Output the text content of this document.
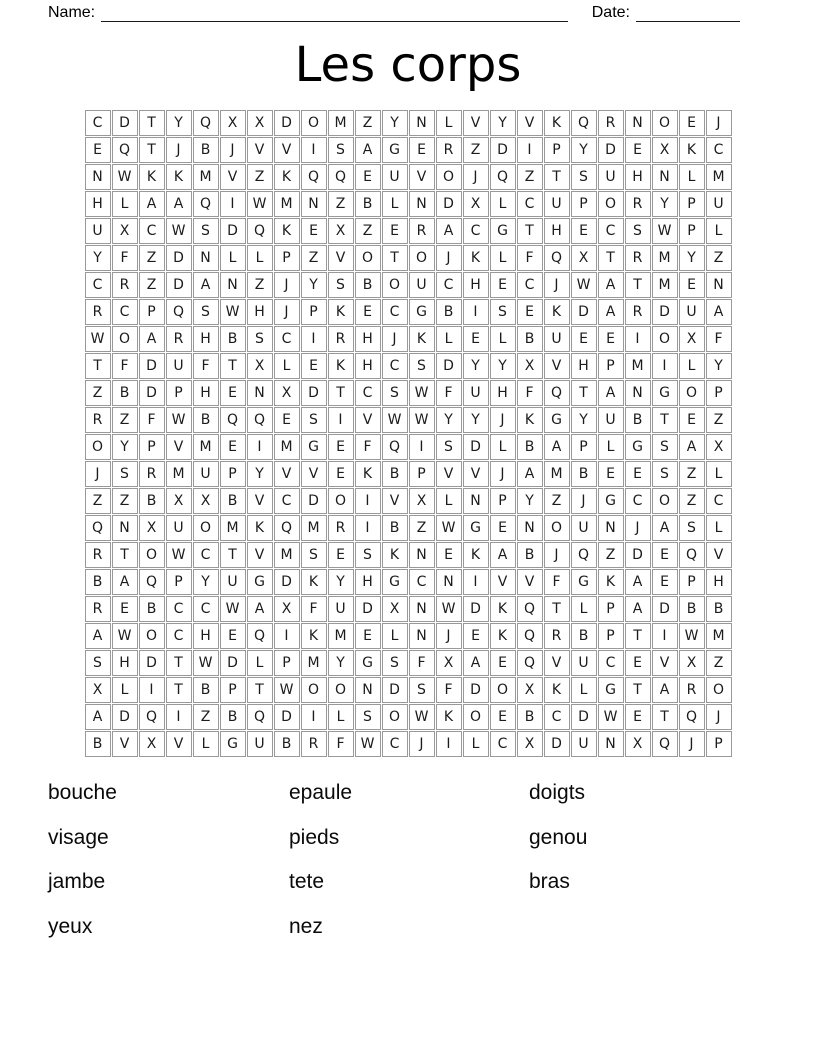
Name:	Date:
Les corps
C	D	T	Y	Q	X	X	D	O	M	Z	Y	N	L	V	Y	V	K	Q	R	N	O	E	J
E	Q	T	J	B	J	V	V	I	S	A	G	E	R	Z	D	I	P	Y	D	E	X	K	C
N	W	K	K	M	V	Z	K	Q	Q	E	U	V	O	J	Q	Z	T	S	U	H	N	L	M
H	L	A	A	Q	I	W	M	N	Z	B	L	N	D	X	L	C	U	P	O	R	Y	P	U
U	X	C	W	S	D	Q	K	E	X	Z	E	R	A	C	G	T	H	E	C	S	W	P	L
Y	F	Z	D	N	L	L	P	Z	V	O	T	O	J	K	L	F	Q	X	T	R	M	Y	Z
C	R	Z	D	A	N	Z	J	Y	S	B	O	U	C	H	E	C	J	W	A	T	M	E	N
R	C	P	Q	S	W	H	J	P	K	E	C	G	B	I	S	E	K	D	A	R	D	U	A
W	O	A	R	H	B	S	C	I	R	H	J	K	L	E	L	B	U	E	E	I	O	X	F
T	F	D	U	F	T	X	L	E	K	H	C	S	D	Y	Y	X	V	H	P	M	I	L	Y
Z	B	D	P	H	E	N	X	D	T	C	S	W	F	U	H	F	Q	T	A	N	G	O	P
R	Z	F	W	B	Q	Q	E	S	I	V	W	W	Y	Y	J	K	G	Y	U	B	T	E	Z
O	Y	P	V	M	E	I	M	G	E	F	Q	I	S	D	L	B	A	P	L	G	S	A	X
J	S	R	M	U	P	Y	V	V	E	K	B	P	V	V	J	A	M	B	E	E	S	Z	L
Z	Z	B	X	X	B	V	C	D	O	I	V	X	L	N	P	Y	Z	J	G	C	O	Z	C
Q	N	X	U	O	M	K	Q	M	R	I	B	Z	W	G	E	N	O	U	N	J	A	S	L
R	T	O	W	C	T	V	M	S	E	S	K	N	E	K	A	B	J	Q	Z	D	E	Q	V
B	A	Q	P	Y	U	G	D	K	Y	H	G	C	N	I	V	V	F	G	K	A	E	P	H
R	E	B	C	C	W	A	X	F	U	D	X	N	W	D	K	Q	T	L	P	A	D	B	B
A	W	O	C	H	E	Q	I	K	M	E	L	N	J	E	K	Q	R	B	P	T	I	W	M
S	H	D	T	W	D	L	P	M	Y	G	S	F	X	A	E	Q	V	U	C	E	V	X	Z
X	L	I	T	B	P	T	W	O	O	N	D	S	F	D	O	X	K	L	G	T	A	R	O
A	D	Q	I	Z	B	Q	D	I	L	S	O	W	K	O	E	B	C	D	W	E	T	Q	J
B	V	X	V	L	G	U	B	R	F	W	C	J	I	L	C	X	D	U	N	X	Q	J	P
bouche
visage
jambe
yeux
epaule
pieds
tete
nez
doigts
genou
bras
